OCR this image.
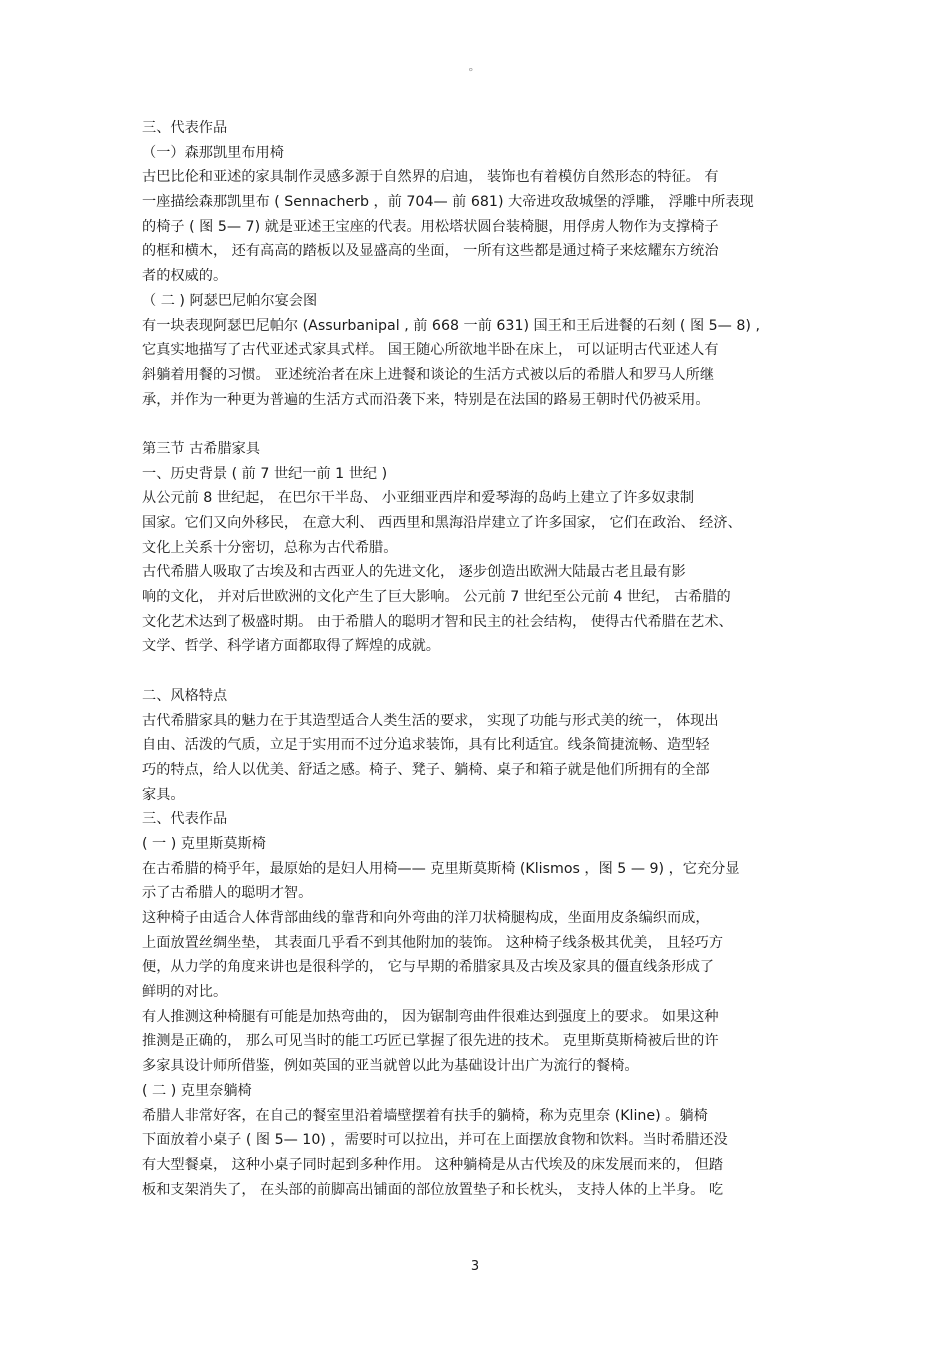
°
三、代表作品
（一）森那凯里布用椅
古巴比伦和亚述的家具制作灵感多源于自然界的启迪， 装饰也有着模仿自然形态的特征。 有
一座描绘森那凯里布 ( Sennacherb ，前 704— 前 681) 大帝进攻敌城堡的浮雕， 浮雕中所表现
的椅子 ( 图 5— 7) 就是亚述王宝座的代表。用松塔状圆台装椅腿，用俘虏人物作为支撑椅子
的框和横木， 还有高高的踏板以及显盛高的坐面， 一所有这些都是通过椅子来炫耀东方统治
者的权威的。
（ 二 ) 阿瑟巴尼帕尔宴会图
有一块表现阿瑟巴尼帕尔 (Assurbanipal , 前 668 一前 631) 国王和王后进餐的石刻 ( 图 5— 8) ,
它真实地描写了古代亚述式家具式样。 国王随心所欲地半卧在床上， 可以证明古代亚述人有
斜躺着用餐的习惯。 亚述统治者在床上进餐和谈论的生活方式被以后的希腊人和罗马人所继
承，并作为一种更为普遍的生活方式而沿袭下来，特别是在法国的路易王朝时代仍被采用。
第三节 古希腊家具
一、历史背景 ( 前 7 世纪一前 1 世纪 )
从公元前 8 世纪起， 在巴尔干半岛、 小亚细亚西岸和爱琴海的岛屿上建立了许多奴隶制
国家。它们又向外移民， 在意大利、 西西里和黑海沿岸建立了许多国家， 它们在政治、 经济、
文化上关系十分密切，总称为古代希腊。
古代希腊人吸取了古埃及和古西亚人的先进文化， 逐步创造出欧洲大陆最古老且最有影
响的文化， 并对后世欧洲的文化产生了巨大影响。 公元前 7 世纪至公元前 4 世纪， 古希腊的
文化艺术达到了极盛时期。 由于希腊人的聪明才智和民主的社会结构， 使得古代希腊在艺术、
文学、哲学、科学诸方面都取得了辉煌的成就。
二、风格特点
古代希腊家具的魅力在于其造型适合人类生活的要求， 实现了功能与形式美的统一， 体现出
自由、活泼的气质，立足于实用而不过分追求装饰，具有比利适宜。线条简捷流畅、造型轻
巧的特点，给人以优美、舒适之感。椅子、凳子、躺椅、桌子和箱子就是他们所拥有的全部
家具。
三、代表作品
( 一 ) 克里斯莫斯椅
在古希腊的椅乎年，最原始的是妇人用椅—— 克里斯莫斯椅 (Klismos ，图 5 — 9) ，它充分显
示了古希腊人的聪明才智。
这种椅子由适合人体背部曲线的靠背和向外弯曲的洋刀状椅腿构成，坐面用皮条编织而成，
上面放置丝绸坐垫， 其表面几乎看不到其他附加的装饰。 这种椅子线条极其优美， 且轻巧方
便，从力学的角度来讲也是很科学的， 它与早期的希腊家具及古埃及家具的僵直线条形成了
鲜明的对比。
有人推测这种椅腿有可能是加热弯曲的， 因为锯制弯曲件很难达到强度上的要求。 如果这种
推测是正确的， 那么可见当时的能工巧匠已掌握了很先进的技术。 克里斯莫斯椅被后世的许
多家具设计师所借鉴，例如英国的亚当就曾以此为基础设计出广为流行的餐椅。
( 二 ) 克里奈躺椅
希腊人非常好客，在自己的餐室里沿着墙壁摆着有扶手的躺椅，称为克里奈 (Kline) 。躺椅
下面放着小桌子 ( 图 5— 10) ，需要时可以拉出，并可在上面摆放食物和饮料。当时希腊还没
有大型餐桌， 这种小桌子同时起到多种作用。 这种躺椅是从古代埃及的床发展而来的， 但踏
板和支架消失了， 在头部的前脚高出铺面的部位放置垫子和长枕头， 支持人体的上半身。 吃
3
